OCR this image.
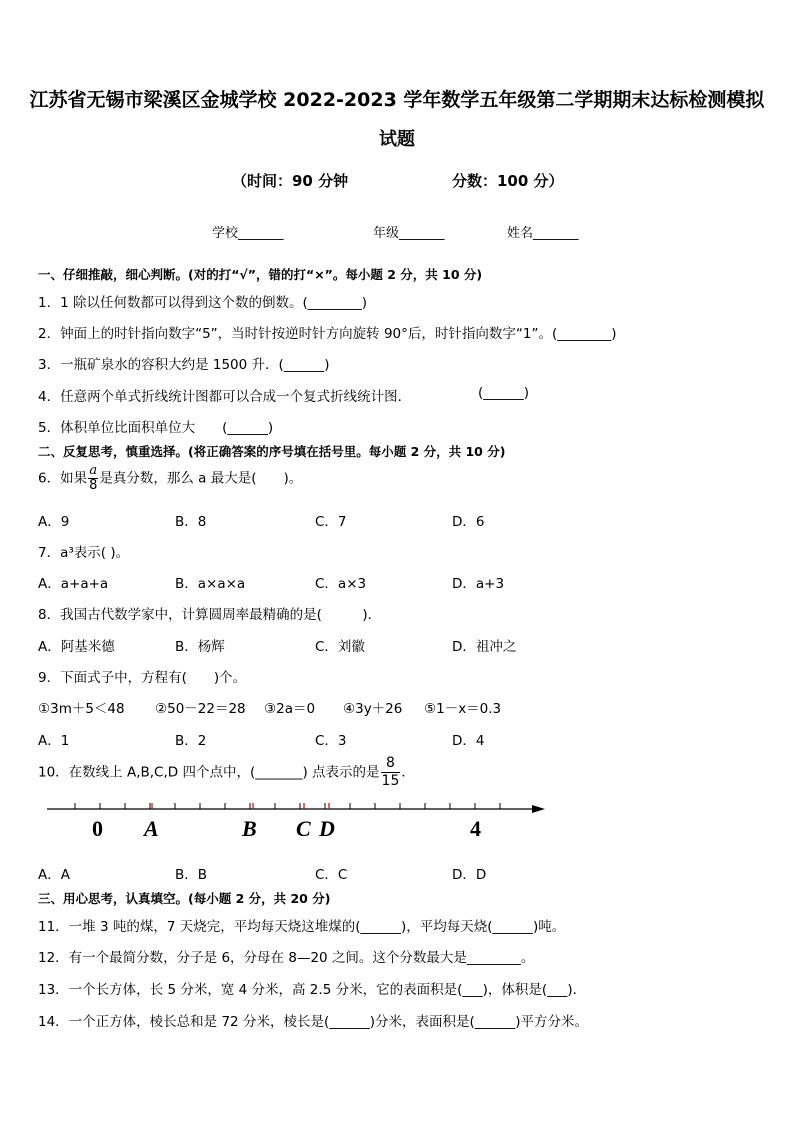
江苏省无锡市梁溪区金城学校 2022-2023 学年数学五年级第二学期期末达标检测模拟
试题
（时间：90 分钟	分数：100 分）
学校_______	年级_______	姓名_______
一、仔细推敲，细心判断。(对的打“√”，错的打“×”。每小题 2 分，共 10 分)
1．1 除以任何数都可以得到这个数的倒数。(________)
2．钟面上的时针指向数字“5”，当时针按逆时针方向旋转 90°后，时针指向数字“1”。(________)
3．一瓶矿泉水的容积大约是 1500 升．(______)
4．任意两个单式折线统计图都可以合成一个复式折线统计图．	(______)
5．体积单位比面积单位大　　(______)
二、反复思考，慎重选择。(将正确答案的序号填在括号里。每小题 2 分，共 10 分)
6．如果 $\frac{a}{8}$ 是真分数，那么 a 最大是(　　)。
A．9	B．8	C．7	D．6
7．a³表示( )。
A．a+a+a	B．a×a×a	C．a×3	D．a+3
8．我国古代数学家中，计算圆周率最精确的是(　　　)．
A．阿基米德	B．杨辉	C．刘徽	D．祖冲之
9．下面式子中，方程有(　　)个。
①3m＋5＜48 ②50－22＝28 ③2a＝0 ④3y＋26 ⑤1－x＝0.3
A．1	B．2	C．3	D．4
10．在数线上 A,B,C,D 四个点中，(_______) 点表示的是 $\frac{8}{15}$ ．
0 A	B C D	4
A．A	B．B	C．C	D．D
三、用心思考，认真填空。(每小题 2 分，共 20 分)
11．一堆 3 吨的煤，7 天烧完，平均每天烧这堆煤的(______)，平均每天烧(______)吨。
12．有一个最简分数，分子是 6，分母在 8—20 之间。这个分数最大是________。
13．一个长方体，长 5 分米，宽 4 分米，高 2.5 分米，它的表面积是(___)，体积是(___)．
14．一个正方体，棱长总和是 72 分米，棱长是(______)分米，表面积是(______)平方分米。
